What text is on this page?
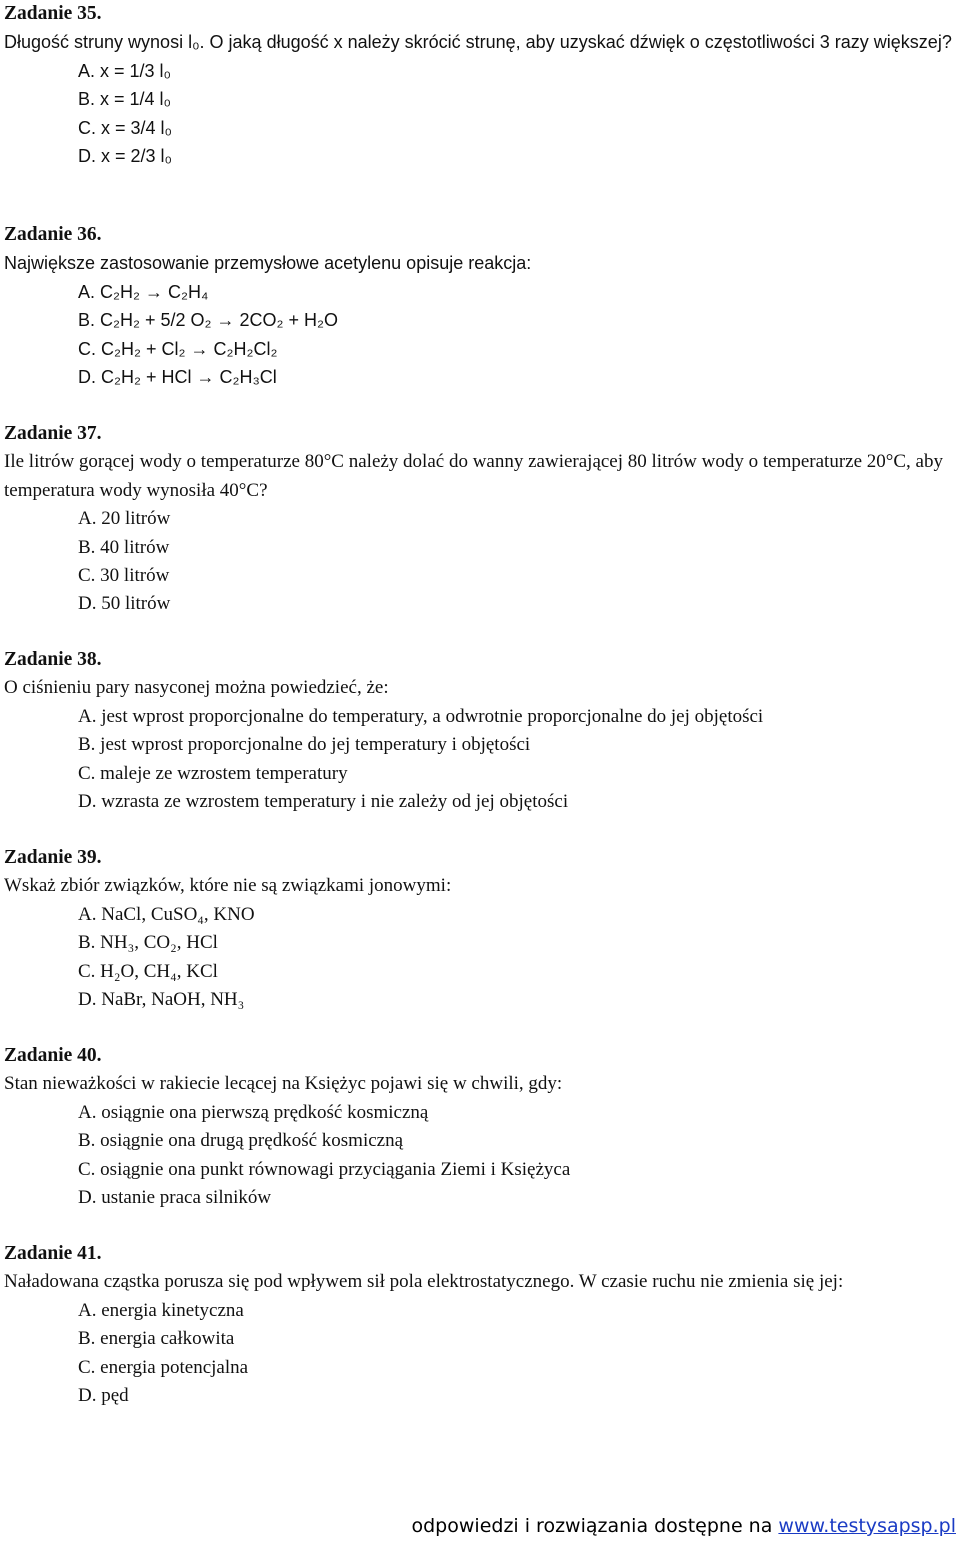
Zadanie 35.
Długość struny wynosi l₀. O jaką długość x należy skrócić strunę, aby uzyskać dźwięk o częstotliwości 3 razy większej?
A. x = 1/3 l₀
B. x = 1/4 l₀
C. x = 3/4 l₀
D. x = 2/3 l₀
Zadanie 36.
Największe zastosowanie przemysłowe acetylenu opisuje reakcja:
A. C₂H₂ → C₂H₄
B. C₂H₂ + 5/2 O₂ → 2CO₂ + H₂O
C. C₂H₂ + Cl₂ → C₂H₂Cl₂
D. C₂H₂ + HCl → C₂H₃Cl
Zadanie 37.
Ile litrów gorącej wody o temperaturze 80°C należy dolać do wanny zawierającej 80 litrów wody o temperaturze 20°C, aby temperatura wody wynosiła 40°C?
A. 20 litrów
B. 40 litrów
C. 30 litrów
D. 50 litrów
Zadanie 38.
O ciśnieniu pary nasyconej można powiedzieć, że:
A. jest wprost proporcjonalne do temperatury, a odwrotnie proporcjonalne do jej objętości
B. jest wprost proporcjonalne do jej temperatury i objętości
C. maleje ze wzrostem temperatury
D. wzrasta ze wzrostem temperatury i nie zależy od jej objętości
Zadanie 39.
Wskaż zbiór związków, które nie są związkami jonowymi:
A. NaCl, CuSO₄, KNO
B. NH₃, CO₂, HCl
C. H₂O, CH₄, KCl
D. NaBr, NaOH, NH₃
Zadanie 40.
Stan nieważkości w rakiecie lecącej na Księżyc pojawi się w chwili, gdy:
A. osiągnie ona pierwszą prędkość kosmiczną
B. osiągnie ona drugą prędkość kosmiczną
C. osiągnie ona punkt równowagi przyciągania Ziemi i Księżyca
D. ustanie praca silników
Zadanie 41.
Naładowana cząstka porusza się pod wpływem sił pola elektrostatycznego. W czasie ruchu nie zmienia się jej:
A. energia kinetyczna
B. energia całkowita
C. energia potencjalna
D. pęd
odpowiedzi i rozwiązania dostępne na www.testysapsp.pl
